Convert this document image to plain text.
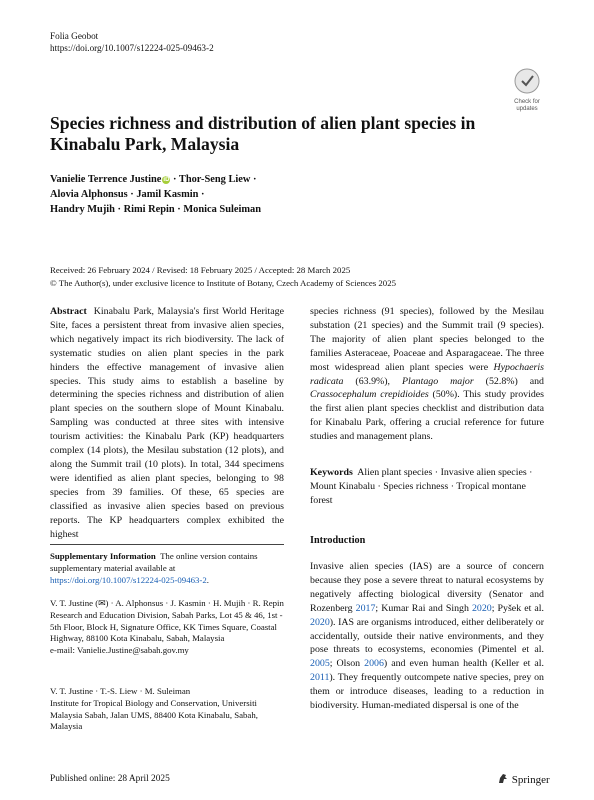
Folia Geobot
https://doi.org/10.1007/s12224-025-09463-2
Check for
updates
Species richness and distribution of alien plant species in Kinabalu Park, Malaysia
Vanielie Terrence Justine iD · Thor-Seng Liew ·
Alovia Alphonsus · Jamil Kasmin ·
Handry Mujih · Rimi Repin · Monica Suleiman
Received: 26 February 2024 / Revised: 18 February 2025 / Accepted: 28 March 2025
© The Author(s), under exclusive licence to Institute of Botany, Czech Academy of Sciences 2025

Abstract Kinabalu Park, Malaysia's first World Heritage Site, faces a persistent threat from invasive alien species, which negatively impact its rich biodiversity. The lack of systematic studies on alien plant species in the park hinders the effective management of invasive alien species. This study aims to establish a baseline by determining the species richness and distribution of alien plant species on the southern slope of Mount Kinabalu. Sampling was conducted at three sites with intensive tourism activities: the Kinabalu Park (KP) headquarters complex (14 plots), the Mesilau substation (12 plots), and along the Summit trail (10 plots). In total, 344 specimens were identified as alien plant species, belonging to 98 species from 39 families. Of these, 65 species are classified as invasive alien species based on previous reports. The KP headquarters complex exhibited the highest

species richness (91 species), followed by the Mesilau substation (21 species) and the Summit trail (9 species). The majority of alien plant species belonged to the families Asteraceae, Poaceae and Asparagaceae. The three most widespread alien plant species were Hypochaeris radicata (63.9%), Plantago major (52.8%) and Crassocephalum crepidioides (50%). This study provides the first alien plant species checklist and distribution data for Kinabalu Park, offering a crucial reference for future studies and management plans.

Keywords Alien plant species · Invasive alien species · Mount Kinabalu · Species richness · Tropical montane forest
Supplementary Information The online version contains supplementary material available at https://doi.org/10.1007/s12224-025-09463-2.
V. T. Justine (✉) · A. Alphonsus · J. Kasmin · H. Mujih · R. Repin
Research and Education Division, Sabah Parks, Lot 45 & 46, 1st - 5th Floor, Block H, Signature Office, KK Times Square, Coastal Highway, 88100 Kota Kinabalu, Sabah, Malaysia
e-mail: Vanielie.Justine@sabah.gov.my
V. T. Justine · T.-S. Liew · M. Suleiman
Institute for Tropical Biology and Conservation, Universiti Malaysia Sabah, Jalan UMS, 88400 Kota Kinabalu, Sabah, Malaysia
Introduction
Invasive alien species (IAS) are a source of concern because they pose a severe threat to natural ecosystems by negatively affecting biological diversity (Senator and Rozenberg 2017; Kumar Rai and Singh 2020; Pyšek et al. 2020). IAS are organisms introduced, either deliberately or accidentally, outside their native environments, and they pose threats to ecosystems, economies (Pimentel et al. 2005; Olson 2006) and even human health (Keller et al. 2011). They frequently outcompete native species, prey on them or introduce diseases, leading to a reduction in biodiversity. Human-mediated dispersal is one of the
Published online: 28 April 2025	Springer
